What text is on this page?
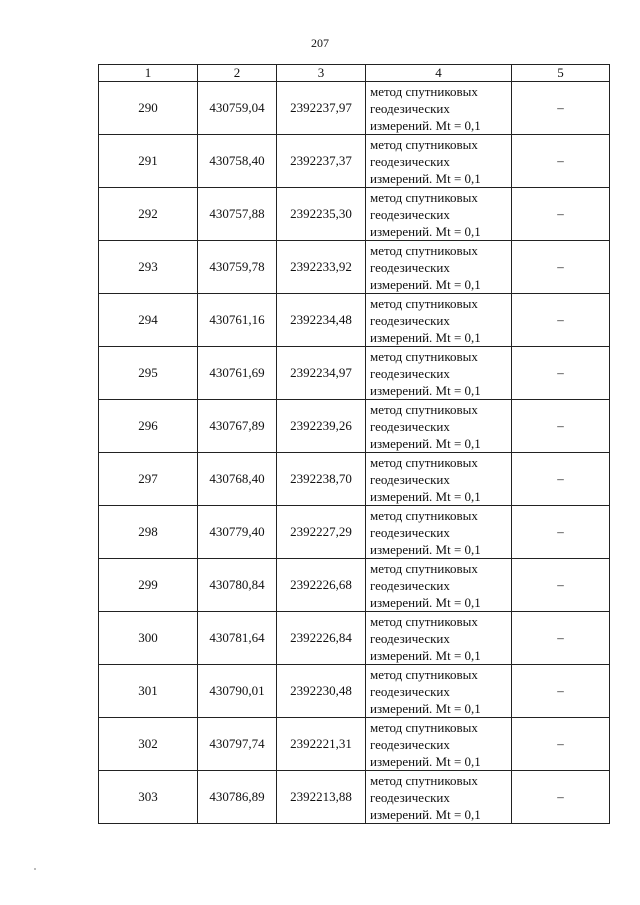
207
1	2	3	4	5
290	430759,04	2392237,97	метод спутниковых
геодезических
измерений. Mt = 0,1	–
291	430758,40	2392237,37	метод спутниковых
геодезических
измерений. Mt = 0,1	–
292	430757,88	2392235,30	метод спутниковых
геодезических
измерений. Mt = 0,1	–
293	430759,78	2392233,92	метод спутниковых
геодезических
измерений. Mt = 0,1	–
294	430761,16	2392234,48	метод спутниковых
геодезических
измерений. Mt = 0,1	–
295	430761,69	2392234,97	метод спутниковых
геодезических
измерений. Mt = 0,1	–
296	430767,89	2392239,26	метод спутниковых
геодезических
измерений. Mt = 0,1	–
297	430768,40	2392238,70	метод спутниковых
геодезических
измерений. Mt = 0,1	–
298	430779,40	2392227,29	метод спутниковых
геодезических
измерений. Mt = 0,1	–
299	430780,84	2392226,68	метод спутниковых
геодезических
измерений. Mt = 0,1	–
300	430781,64	2392226,84	метод спутниковых
геодезических
измерений. Mt = 0,1	–
301	430790,01	2392230,48	метод спутниковых
геодезических
измерений. Mt = 0,1	–
302	430797,74	2392221,31	метод спутниковых
геодезических
измерений. Mt = 0,1	–
303	430786,89	2392213,88	метод спутниковых
геодезических
измерений. Mt = 0,1	–
